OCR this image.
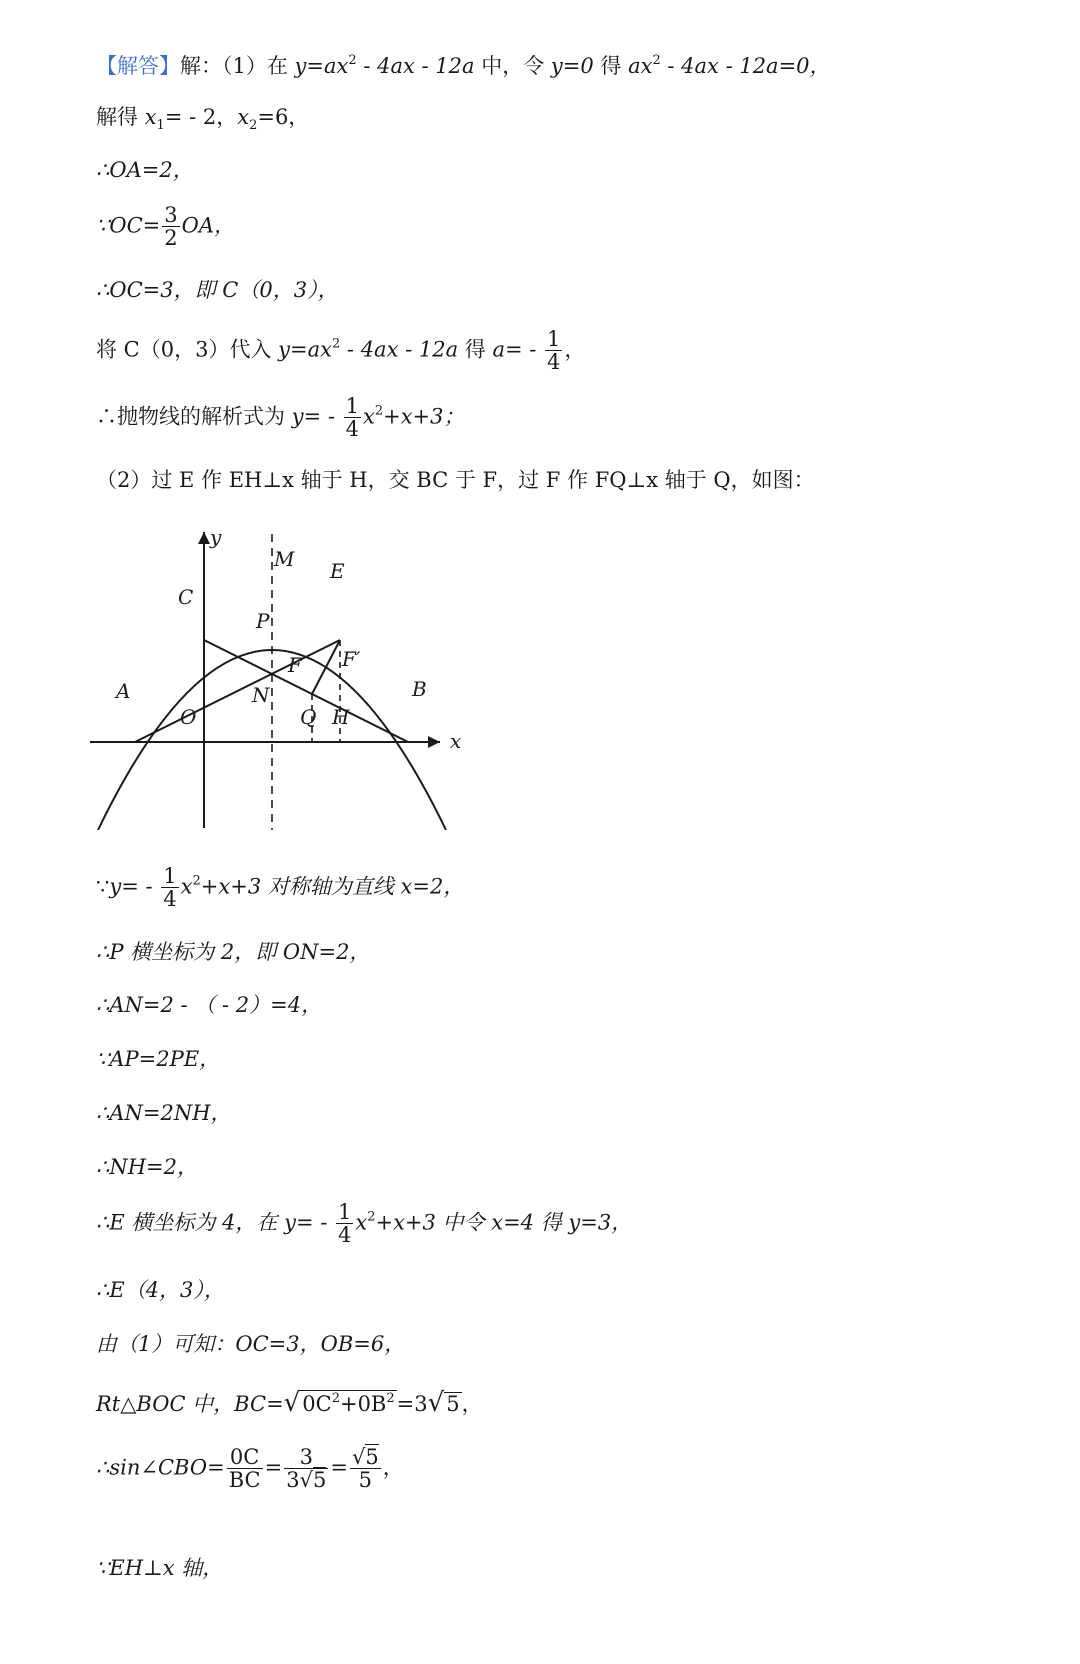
【解答】解：（1）在 $y=ax^2 - 4ax - 12a$ 中，令 y=0 得 $ax^2 - 4ax - 12a=0$，
解得 $x_1= - 2$，$x_2=6$，
∴OA=2，
∵OC= $\frac{3}{2}$ OA，
∴OC=3，即 C（0，3），
将 C（0，3）代入 $y=ax^2 - 4ax - 12a$ 得 $a= - \frac{1}{4}$ ，
∴抛物线的解析式为 $y= - \frac{1}{4} x^2+x+3$；
（2）过 E 作 EH⊥x 轴于 H，交 BC 于 F，过 F 作 FQ⊥x 轴于 Q，如图：
y
x
M E
C
P
F F′
A	B
O
N
Q H
∵y= - $\frac{1}{4} x^2+x+3$ 对称轴为直线 x=2，
∴P 横坐标为 2，即 ON=2，
∴AN=2 - （ - 2）=4，
∵AP=2PE，
∴AN=2NH，
∴NH=2，
∴E 横坐标为 4，在 $y= - \frac{1}{4} x^2+x+3$ 中令 x=4 得 y=3，
∴E（4，3），
由（1）可知：OC=3，OB=6，
Rt△BOC 中，$BC=√0C^2+0B^2=3√5$，
∴sin∠CBO= $\frac{0C}{BC} = \frac{3}{3√5} = \frac{√5}{5}$ ，
∵EH⊥x 轴，
